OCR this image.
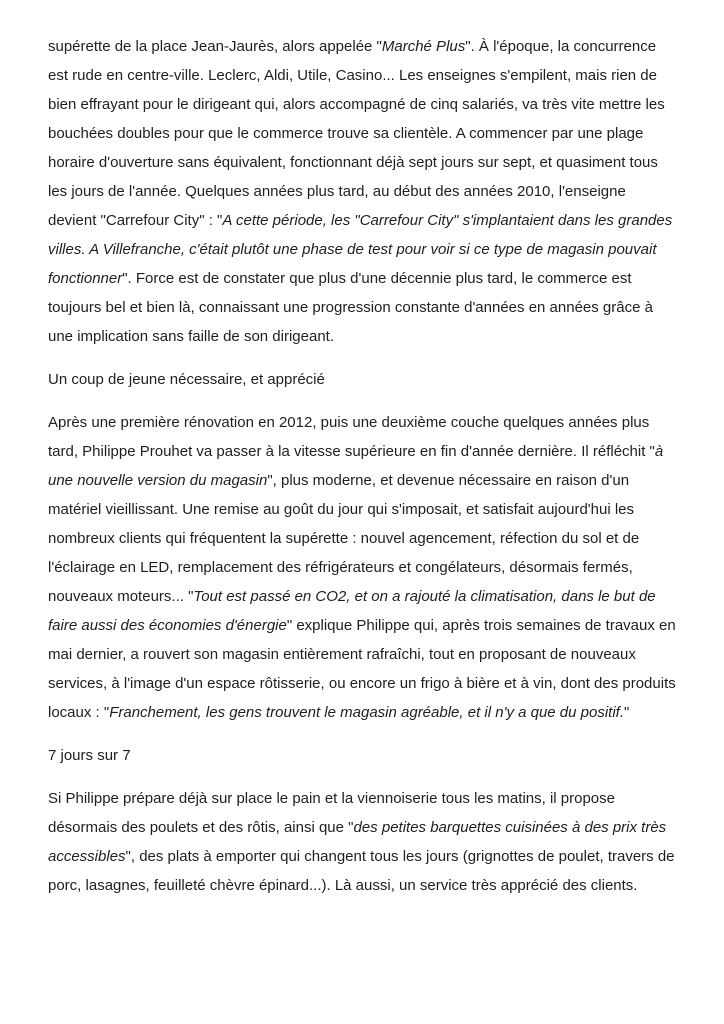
supérette de la place Jean-Jaurès, alors appelée "Marché Plus". À l'époque, la concurrence est rude en centre-ville. Leclerc, Aldi, Utile, Casino... Les enseignes s'empilent, mais rien de bien effrayant pour le dirigeant qui, alors accompagné de cinq salariés, va très vite mettre les bouchées doubles pour que le commerce trouve sa clientèle. A commencer par une plage horaire d'ouverture sans équivalent, fonctionnant déjà sept jours sur sept, et quasiment tous les jours de l'année. Quelques années plus tard, au début des années 2010, l'enseigne devient "Carrefour City" : "A cette période, les "Carrefour City" s'implantaient dans les grandes villes. A Villefranche, c'était plutôt une phase de test pour voir si ce type de magasin pouvait fonctionner". Force est de constater que plus d'une décennie plus tard, le commerce est toujours bel et bien là, connaissant une progression constante d'années en années grâce à une implication sans faille de son dirigeant.

Un coup de jeune nécessaire, et apprécié

Après une première rénovation en 2012, puis une deuxième couche quelques années plus tard, Philippe Prouhet va passer à la vitesse supérieure en fin d'année dernière. Il réfléchit "à une nouvelle version du magasin", plus moderne, et devenue nécessaire en raison d'un matériel vieillissant. Une remise au goût du jour qui s'imposait, et satisfait aujourd'hui les nombreux clients qui fréquentent la supérette : nouvel agencement, réfection du sol et de l'éclairage en LED, remplacement des réfrigérateurs et congélateurs, désormais fermés, nouveaux moteurs... "Tout est passé en CO2, et on a rajouté la climatisation, dans le but de faire aussi des économies d'énergie" explique Philippe qui, après trois semaines de travaux en mai dernier, a rouvert son magasin entièrement rafraîchi, tout en proposant de nouveaux services, à l'image d'un espace rôtisserie, ou encore un frigo à bière et à vin, dont des produits locaux : "Franchement, les gens trouvent le magasin agréable, et il n'y a que du positif."

7 jours sur 7

Si Philippe prépare déjà sur place le pain et la viennoiserie tous les matins, il propose désormais des poulets et des rôtis, ainsi que "des petites barquettes cuisinées à des prix très accessibles", des plats à emporter qui changent tous les jours (grignottes de poulet, travers de porc, lasagnes, feuilleté chèvre épinard...). Là aussi, un service très apprécié des clients.
